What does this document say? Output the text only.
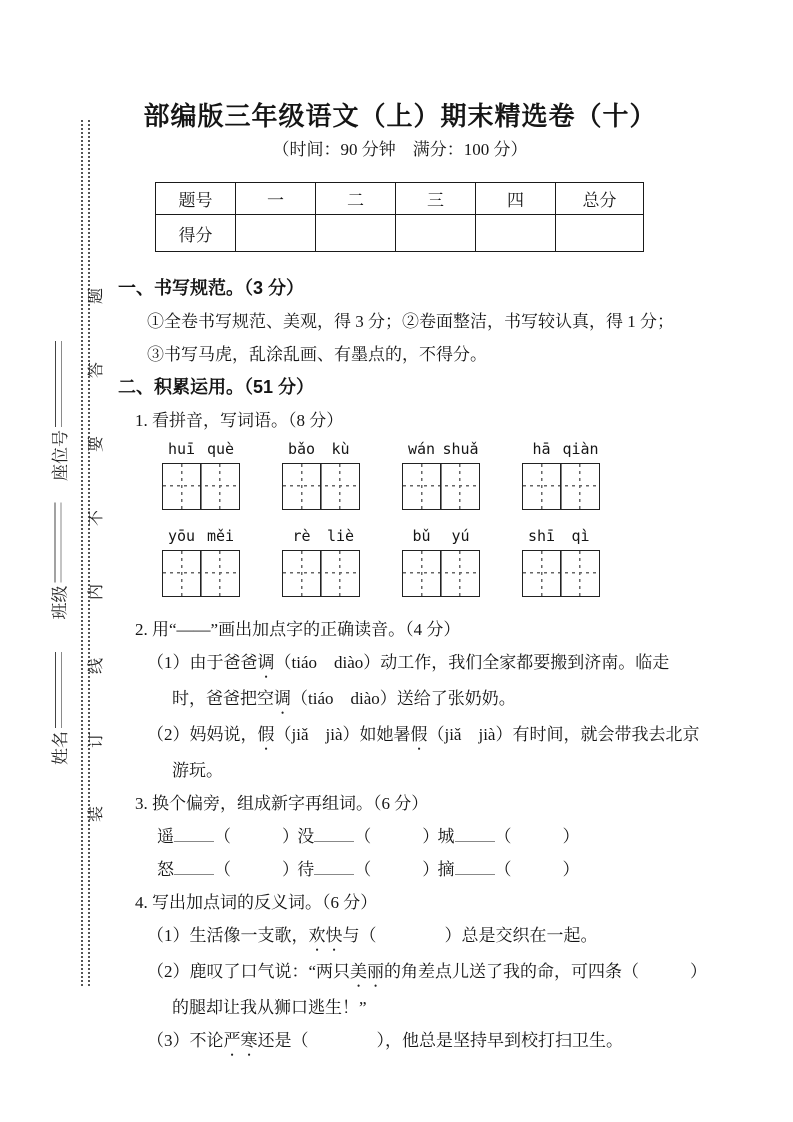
装订线内不要答题
座位号
班级
姓名
部编版三年级语文（上）期末精选卷（十）
（时间：90 分钟　满分：100 分）
题号	一	二	三	四	总分
得分					
一、书写规范。（3 分）
①全卷书写规范、美观，得 3 分；②卷面整洁，书写较认真，得 1 分；
③书写马虎，乱涂乱画、有墨点的，不得分。
二、积累运用。（51 分）
1. 看拼音，写词语。（8 分）
huī què
	bǎo	kù
	wán shuǎ
	hā qiàn
yōu měi
	rè	liè
	bǔ	yú
	shī	qì
2. 用“——”画出加点字的正确读音。（4 分）
（1）由于爸爸调（tiáo　diào）动工作，我们全家都要搬到济南。临走
时，爸爸把空调（tiáo　diào）送给了张奶奶。
（2）妈妈说，假（jiǎ　jià）如她暑假（jiǎ　jià）有时间，就会带我去北京
游玩。
3. 换个偏旁，组成新字再组词。（6 分）
遥 （　　　） 没 （　　　） 城 （　　　）
怒 （　　　） 待 （　　　） 摘 （　　　）
4. 写出加点词的反义词。（6 分）
（1）生活像一支歌，欢快与（　　　　）总是交织在一起。
（2）鹿叹了口气说：“两只美丽的角差点儿送了我的命，可四条（　　　）
的腿却让我从狮口逃生！”
（3）不论严寒还是（　　　　），他总是坚持早到校打扫卫生。
